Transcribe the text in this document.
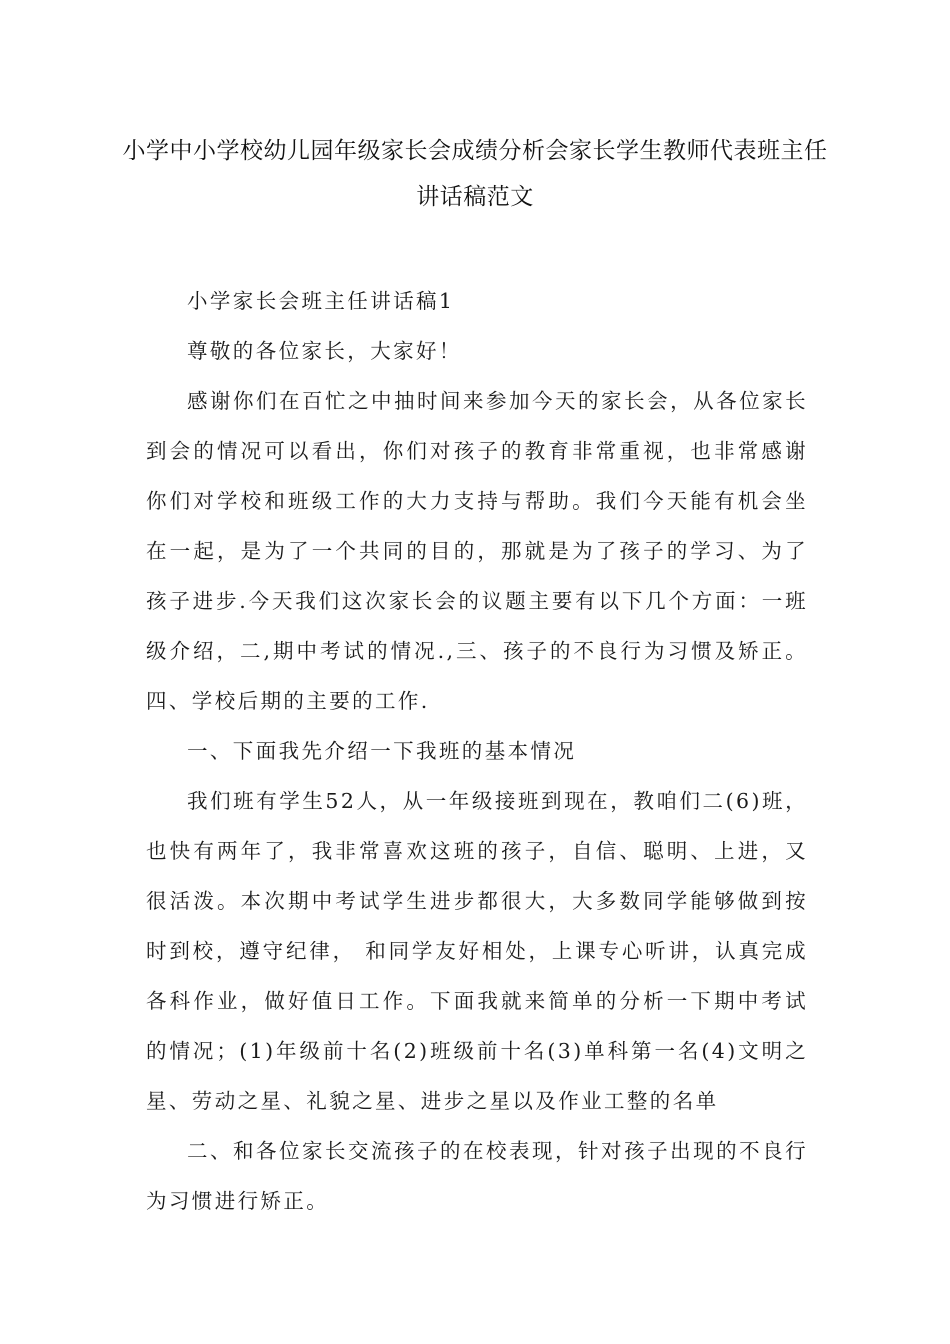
小学中小学校幼儿园年级家长会成绩分析会家长学生教师代表班主任讲话稿范文

小学家长会班主任讲话稿1

尊敬的各位家长，大家好！

感谢你们在百忙之中抽时间来参加今天的家长会，从各位家长到会的情况可以看出，你们对孩子的教育非常重视，也非常感谢你们对学校和班级工作的大力支持与帮助。我们今天能有机会坐在一起，是为了一个共同的目的，那就是为了孩子的学习、为了孩子进步.今天我们这次家长会的议题主要有以下几个方面：一班级介绍，二,期中考试的情况.,三、孩子的不良行为习惯及矫正。四、学校后期的主要的工作.

一、下面我先介绍一下我班的基本情况

我们班有学生52人，从一年级接班到现在，教咱们二(6)班，也快有两年了，我非常喜欢这班的孩子，自信、聪明、上进，又很活泼。本次期中考试学生进步都很大，大多数同学能够做到按时到校，遵守纪律， 和同学友好相处，上课专心听讲，认真完成各科作业，做好值日工作。下面我就来简单的分析一下期中考试的情况；(1)年级前十名(2)班级前十名(3)单科第一名(4)文明之星、劳动之星、礼貌之星、进步之星以及作业工整的名单

二、和各位家长交流孩子的在校表现，针对孩子出现的不良行为习惯进行矫正。
